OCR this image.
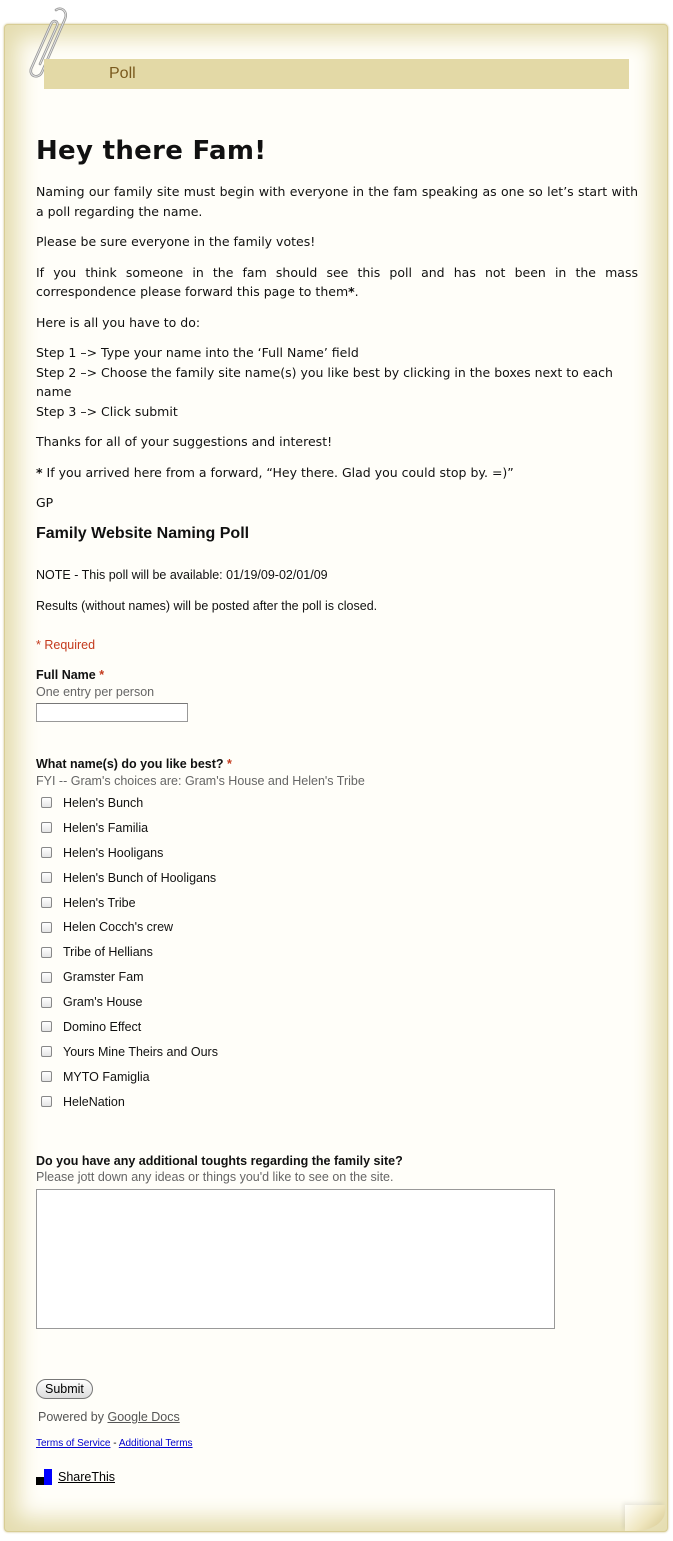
Poll
Hey there Fam!

Naming our family site must begin with everyone in the fam speaking as one so let’s start with a poll regarding the name.

Please be sure everyone in the family votes!

If you think someone in the fam should see this poll and has not been in the mass correspondence please forward this page to them*.

Here is all you have to do:

Step 1 –> Type your name into the ‘Full Name’ field
Step 2 –> Choose the family site name(s) you like best by clicking in the boxes next to each name
Step 3 –> Click submit

Thanks for all of your suggestions and interest!

* If you arrived here from a forward, “Hey there. Glad you could stop by. =)”

GP

Family Website Naming Poll

NOTE - This poll will be available: 01/19/09-02/01/09

Results (without names) will be posted after the poll is closed.

* Required
Full Name *
One entry per person
What name(s) do you like best? *
FYI -- Gram's choices are: Gram's House and Helen's Tribe
Helen's Bunch
Helen's Familia
Helen's Hooligans
Helen's Bunch of Hooligans
Helen's Tribe
Helen Cocch's crew
Tribe of Hellians
Gramster Fam
Gram's House
Domino Effect
Yours Mine Theirs and Ours
MYTO Famiglia
HeleNation
Do you have any additional toughts regarding the family site?
Please jott down any ideas or things you'd like to see on the site.
Submit
Powered by Google Docs
Terms of Service - Additional Terms
ShareThis
